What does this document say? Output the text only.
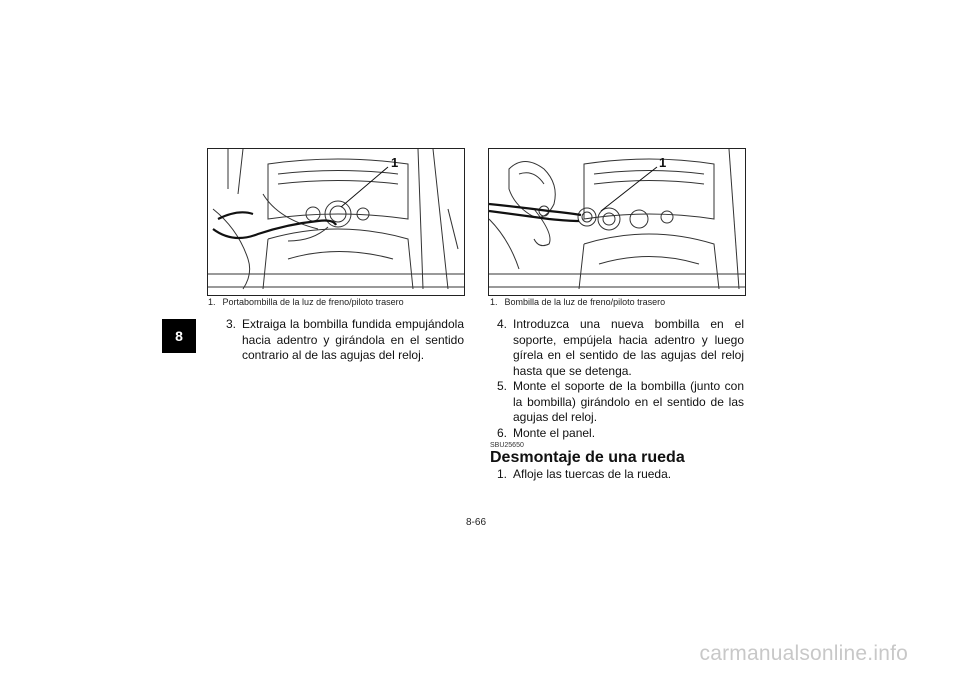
8
1
1. Portabombilla de la luz de freno/piloto trasero
1
1. Bombilla de la luz de freno/piloto trasero
3. Extraiga la bombilla fundida empujándola hacia adentro y girándola en el sentido contrario al de las agujas del reloj.
4. Introduzca una nueva bombilla en el soporte, empújela hacia adentro y luego gírela en el sentido de las agujas del reloj hasta que se detenga.
5. Monte el soporte de la bombilla (junto con la bombilla) girándolo en el sentido de las agujas del reloj.
6. Monte el panel.
SBU25650
Desmontaje de una rueda
1. Afloje las tuercas de la rueda.
8-66
carmanualsonline.info
